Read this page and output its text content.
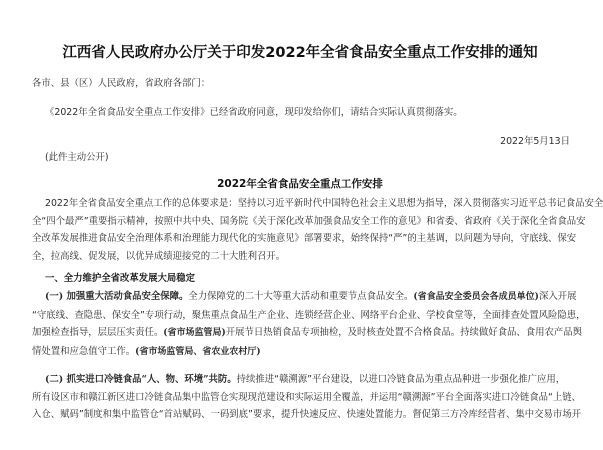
江西省人民政府办公厅关于印发2022年全省食品安全重点工作安排的通知
各市、县（区）人民政府，省政府各部门：
《2022年全省食品安全重点工作安排》已经省政府同意，现印发给你们，请结合实际认真贯彻落实。
2022年5月13日
(此件主动公开)
2022年全省食品安全重点工作安排
2022年全省食品安全重点工作的总体要求是：坚持以习近平新时代中国特色社会主义思想为指导，深入贯彻落实习近平总书记食品安全
全“四个最严”重要指示精神，按照中共中央、国务院《关于深化改革加强食品安全工作的意见》和省委、省政府《关于深化全省食品安
全改革发展推进食品安全治理体系和治理能力现代化的实施意见》部署要求，始终保持“严”的主基调，以问题为导向，守底线、保安
全，拉高线、促发展，以优异成绩迎接党的二十大胜利召开。
一、全力维护全省改革发展大局稳定
(一) 加强重大活动食品安全保障。全力保障党的二十大等重大活动和重要节点食品安全。(省食品安全委员会各成员单位)深入开展
“守底线、查隐患、保安全”专项行动，聚焦重点食品生产企业、连锁经营企业、网络平台企业、学校食堂等，全面排查处置风险隐患，
加强检查指导，层层压实责任。(省市场监管局)开展节日热销食品专项抽检，及时核查处置不合格食品。持续做好食品、食用农产品舆
情处置和应急值守工作。(省市场监管局、省农业农村厅)
(二) 抓实进口冷链食品“人、物、环境”共防。持续推进“赣溯源”平台建设，以进口冷链食品为重点品种进一步强化推广应用，
所有设区市和赣江新区进口冷链食品集中监管仓实现现范建设和实际运用全覆盖，并运用“赣溯源”平台全面落实进口冷链食品“上链、
入仓、赋码”制度和集中监管仓“首站赋码、一码到底”要求，提升快速反应、快速处置能力。督促第三方冷库经营者、集中交易市场开
